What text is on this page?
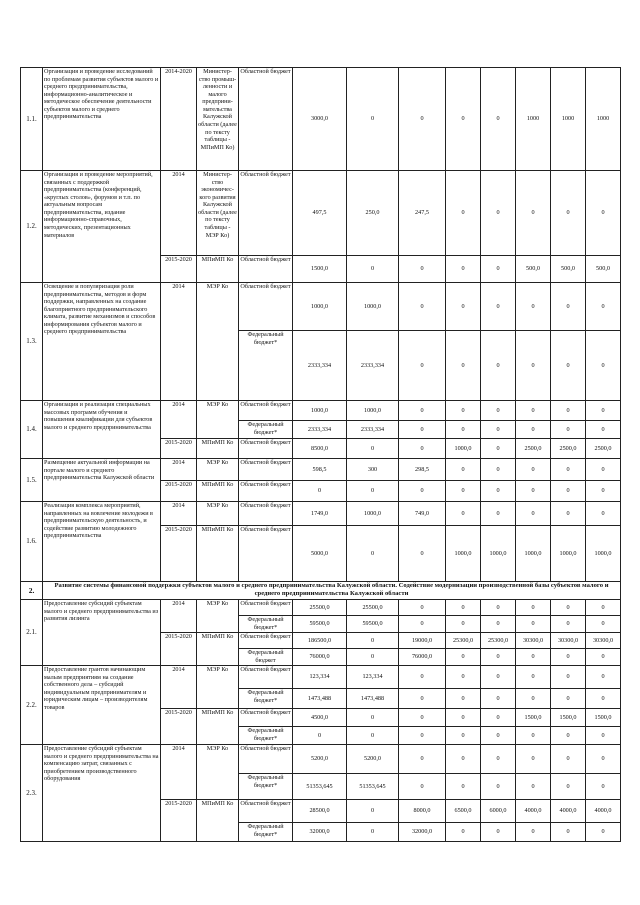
1.1.	Организация и проведение исследований по проблемам развития субъектов малого и среднего предпринимательства, информационно-аналитическое и методическое обеспечение деятельности субъектов малого и среднего предпринимательства	2014-2020	Министер-ство промыш-ленности и малого предприни-мательства Калужской области (далее по тексту таблицы - МПиМП Ко)	Областной бюджет	3000,0	0	0	0	0	1000	1000	1000
1.2.	Организация и проведение мероприятий, связанных с поддержкой предпринимательства (конференций, «круглых столов», форумов и т.п. по актуальным вопросам предпринимательства, издание информационно-справочных, методических, презентационных материалов	2014	Министер-ство экономичес-кого развития Калужской области (далее по тексту таблицы - МЭР Ко)	Областной бюджет	497,5	250,0	247,5	0	0	0	0	0
		2015-2020	МПиМП Ко	Областной бюджет	1500,0	0	0	0	0	500,0	500,0	500,0
1.3.	Освещение и популяризация роли предпринимательства, методов и форм поддержки, направленных на создание благоприятного предпринимательского климата, развитие механизмов и способов информирования субъектов малого и среднего предпринимательства	2014	МЭР Ко	Областной бюджет	1000,0	1000,0	0	0	0	0	0	0
				Федеральный бюджет*	2333,334	2333,334	0	0	0	0	0	0
1.4.	Организация и реализация специальных массовых программ обучения и повышения квалификации для субъектов малого и среднего предпринимательства	2014	МЭР Ко	Областной бюджет	1000,0	1000,0	0	0	0	0	0	0
				Федеральный бюджет*	2333,334	2333,334	0	0	0	0	0	0
		2015-2020	МПиМП Ко	Областной бюджет	8500,0	0	0	1000,0	0	2500,0	2500,0	2500,0
1.5.	Размещение актуальной информации на портале малого и среднего предпринимательства Калужской области	2014	МЭР Ко	Областной бюджет	598,5	300	298,5	0	0	0	0	0
		2015-2020	МПиМП Ко	Областной бюджет	0	0	0	0	0	0	0	0
1.6.	Реализация комплекса мероприятий, направленных на вовлечение молодежи в предпринимательскую деятельность, и содействие развитию молодежного предпринимательства	2014	МЭР Ко	Областной бюджет	1749,0	1000,0	749,0	0	0	0	0	0
		2015-2020	МПиМП Ко	Областной бюджет	5000,0	0	0	1000,0	1000,0	1000,0	1000,0	1000,0
2.	Развитие системы финансовой поддержки субъектов малого и среднего предпринимательства Калужской области. Содействие модернизации производственной базы субъектов малого и среднего предпринимательства Калужской области											
2.1.	Предоставление субсидий субъектам малого и среднего предпринимательства из развития лизинга	2014	МЭР Ко	Областной бюджет	25500,0	25500,0	0	0	0	0	0	0
				Федеральный бюджет*	59500,0	59500,0	0	0	0	0	0	0
		2015-2020	МПиМП Ко	Областной бюджет	186500,0	0	19000,0	25300,0	25300,0	30300,0	30300,0	30300,0
				Федеральный бюджет	76000,0	0	76000,0	0	0	0	0	0
2.2.	Предоставление грантов начинающим малым предприятиям на создание собственного дела – субсидий индивидуальным предпринимателям и юридическим лицам – производителям товаров	2014	МЭР Ко	Областной бюджет	123,334	123,334	0	0	0	0	0	0
				Федеральный бюджет*	1473,488	1473,488	0	0	0	0	0	0
		2015-2020	МПиМП Ко	Областной бюджет	4500,0	0	0	0	0	1500,0	1500,0	1500,0
				Федеральный бюджет*	0	0	0	0	0	0	0	0
2.3.	Предоставление субсидий субъектам малого и среднего предпринимательства на компенсацию затрат, связанных с приобретением производственного оборудования	2014	МЭР Ко	Областной бюджет	5200,0	5200,0	0	0	0	0	0	0
				Федеральный бюджет*	51353,645	51353,645	0	0	0	0	0	0
		2015-2020	МПиМП Ко	Областной бюджет	28500,0	0	8000,0	6500,0	6000,0	4000,0	4000,0	4000,0
				Федеральный бюджет*	32000,0	0	32000,0	0	0	0	0	0
